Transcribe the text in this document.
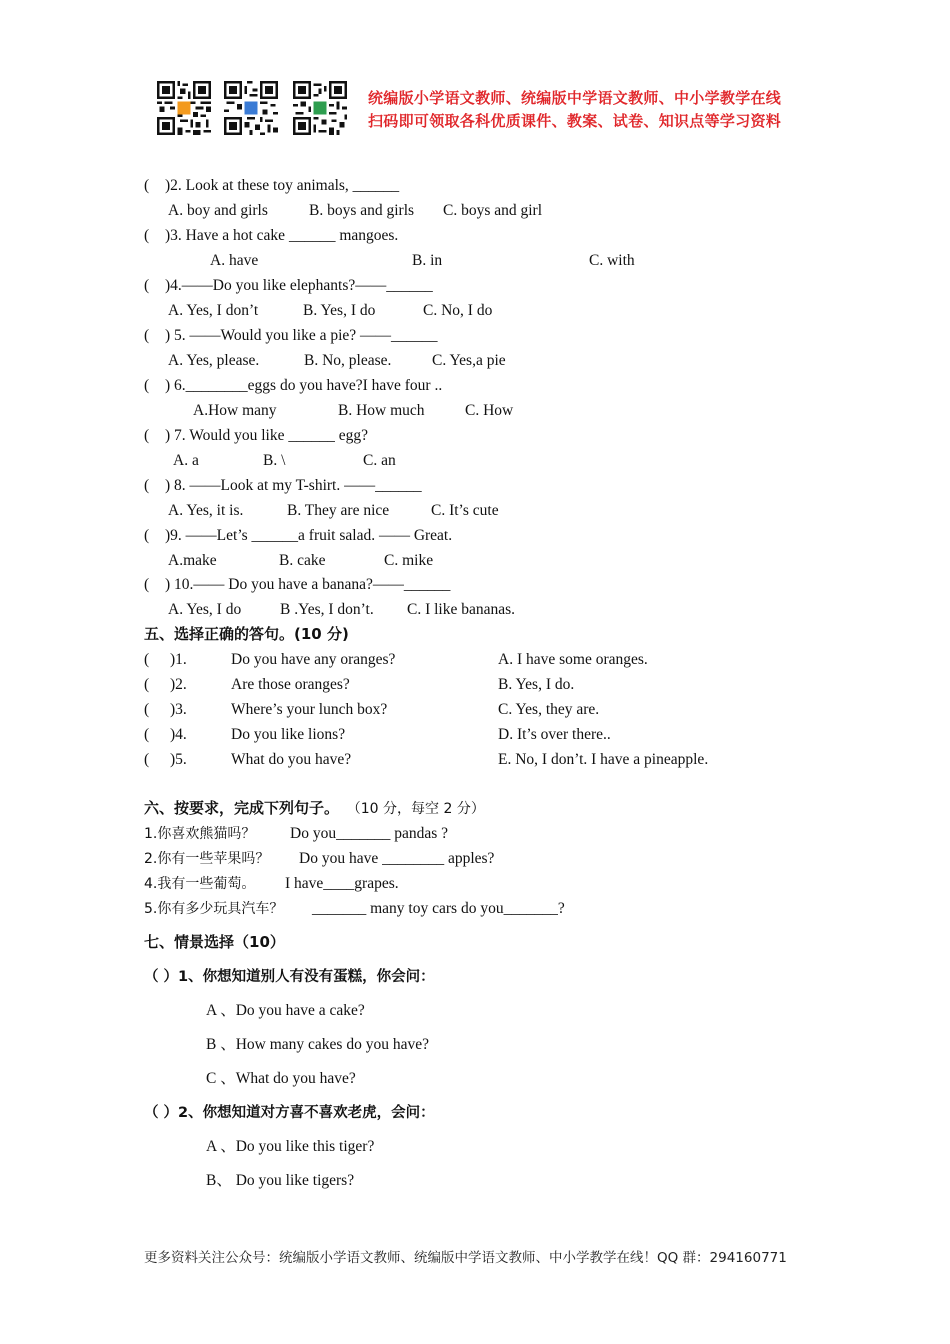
统编版小学语文教师、统编版中学语文教师、中小学教学在线
扫码即可领取各科优质课件、教案、试卷、知识点等学习资料
( )2. Look at these toy animals, ______
A. boy and girls	B. boys and girls C. boys and girl
( )3. Have a hot cake ______ mangoes.
A. have	B. in	C. with
( )4.——Do you like elephants?——______
A. Yes, I don’t	B. Yes, I do	C. No, I do
( ) 5. ——Would you like a pie? ——______
A. Yes, please.	B. No, please.	C. Yes,a pie
( ) 6.________eggs do you have?I have four ..
A.How many	B. How much	C. How
( ) 7. Would you like ______ egg?
A. a	B. \	C. an
( ) 8. ——Look at my T-shirt. ——______
A. Yes, it is.	B. They are nice	C. It’s cute
( )9. ——Let’s ______a fruit salad. —— Great.
A.make	B. cake	C. mike
( ) 10.—— Do you have a banana?——______
A. Yes, I do	B .Yes, I don’t. C. I like bananas.
五、选择正确的答句。(10 分)
( )1.	Do you have any oranges?	A. I have some oranges.
( )2.	Are those oranges?	B. Yes, I do.
( )3.	Where’s your lunch box?	C. Yes, they are.
( )4.	Do you like lions?	D. It’s over there..
( )5.	What do you have?	E. No, I don’t. I have a pineapple.
六、按要求，完成下列句子。 （10 分，每空 2 分）
1.你喜欢熊猫吗？ Do you_______ pandas ?
2.你有一些苹果吗？ Do you have ________ apples?
4.我有一些葡萄。 I have____grapes.
5.你有多少玩具汽车？ _______ many toy cars do you_______?
七、情景选择（10）
（ ）1、你想知道别人有没有蛋糕，你会问：
A 、Do you have a cake?
B 、How many cakes do you have?
C 、What do you have?
（ ）2、你想知道对方喜不喜欢老虎，会问：
A 、Do you like this tiger?
B、 Do you like tigers?
更多资料关注公众号：统编版小学语文教师、统编版中学语文教师、中小学教学在线！QQ 群：294160771
